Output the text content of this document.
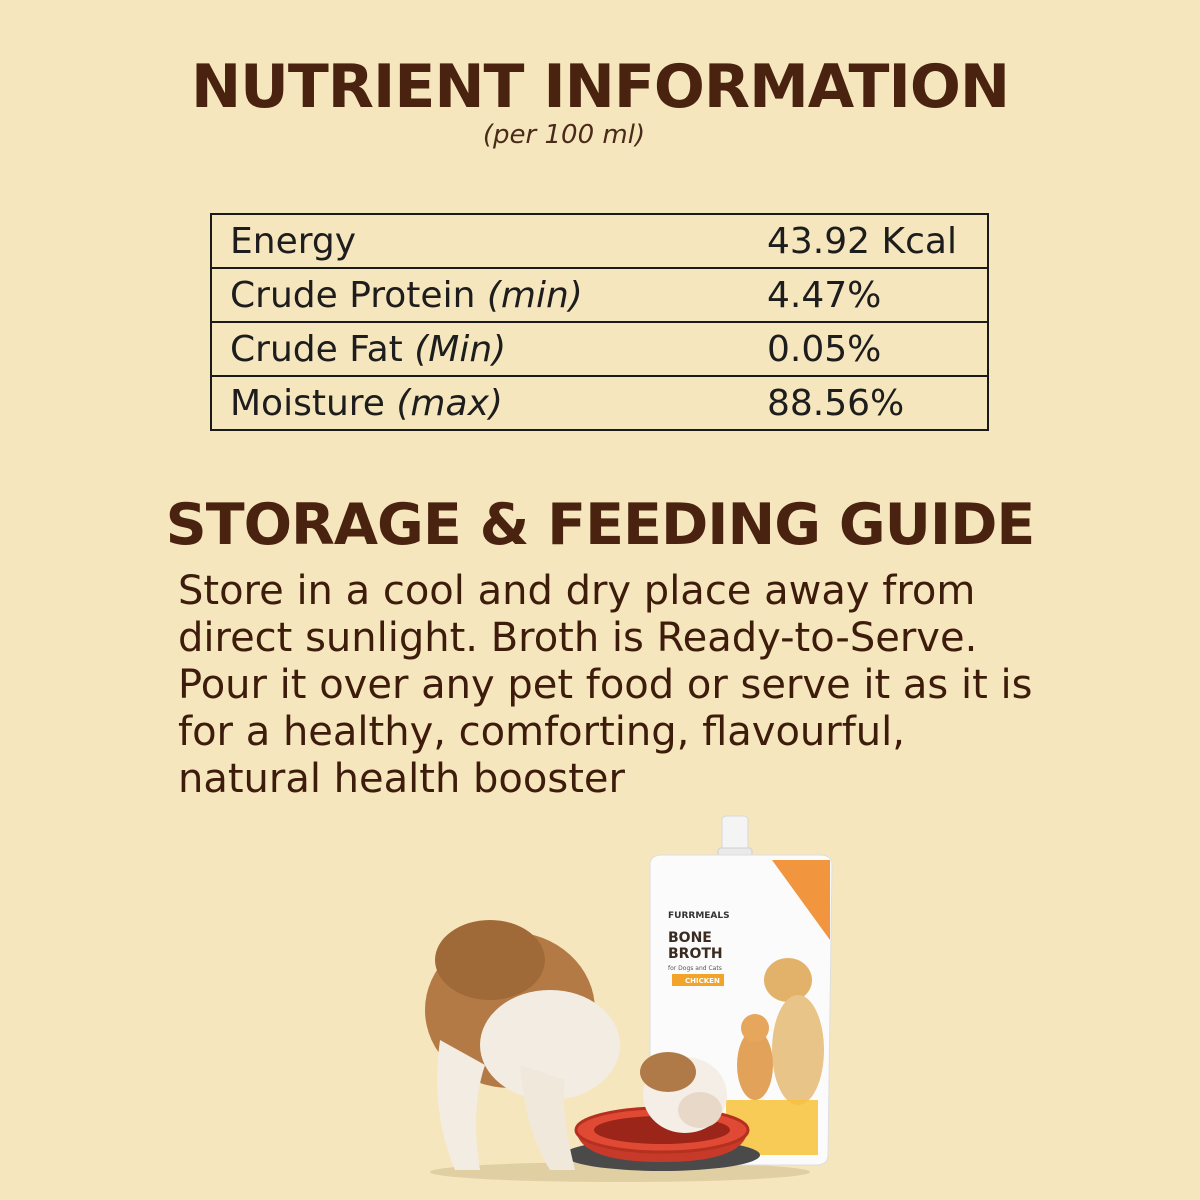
NUTRIENT INFORMATION
(per 100 ml)
Energy	43.92 Kcal
Crude Protein (min)	4.47%
Crude Fat (Min)	0.05%
Moisture (max)	88.56%
STORAGE & FEEDING GUIDE

Store in a cool and dry place away from direct sunlight. Broth is Ready-to-Serve. Pour it over any pet food or serve it as it is for a healthy, comforting, flavourful, natural health booster

FURRMEALS
BONE
BROTH
for Dogs and Cats
CHICKEN
